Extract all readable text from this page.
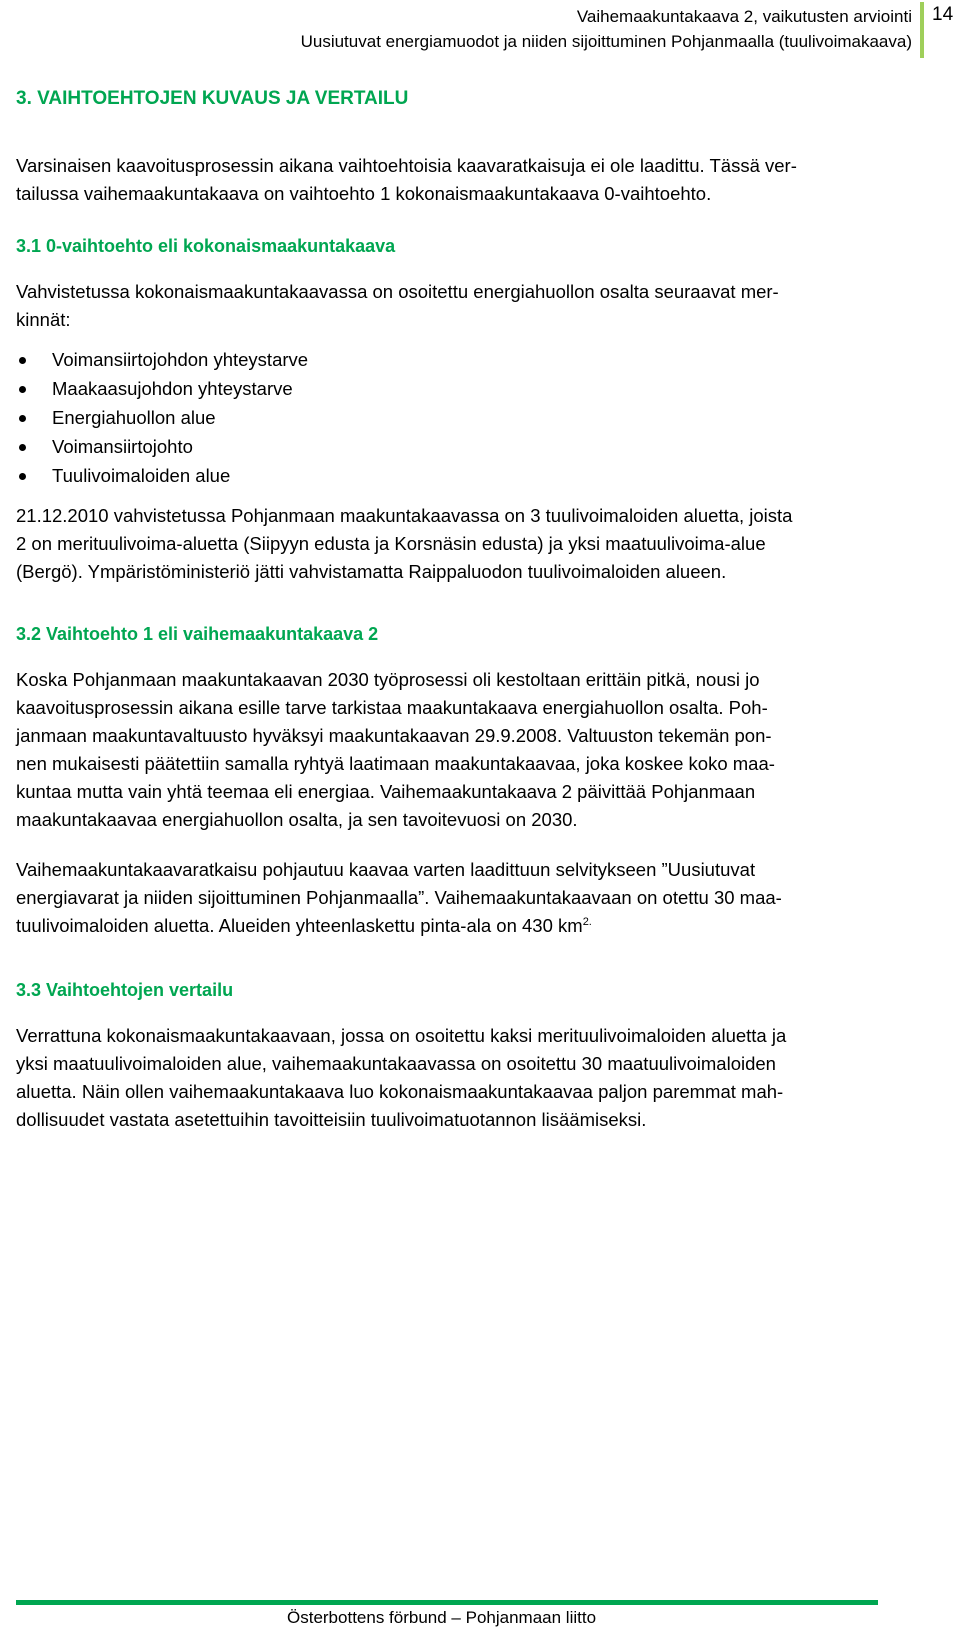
Vaihemaakuntakaava 2, vaikutusten arviointi
Uusiutuvat energiamuodot ja niiden sijoittuminen Pohjanmaalla (tuulivoimakaava)
14
3. VAIHTOEHTOJEN KUVAUS JA VERTAILU
Varsinaisen kaavoitusprosessin aikana vaihtoehtoisia kaavaratkaisuja ei ole laadittu. Tässä ver-
tailussa vaihemaakuntakaava on vaihtoehto 1 kokonaismaakuntakaava 0-vaihtoehto.
3.1 0-vaihtoehto eli kokonaismaakuntakaava
Vahvistetussa kokonaismaakuntakaavassa on osoitettu energiahuollon osalta seuraavat mer-
kinnät:
Voimansiirtojohdon yhteystarve
Maakaasujohdon yhteystarve
Energiahuollon alue
Voimansiirtojohto
Tuulivoimaloiden alue
21.12.2010 vahvistetussa Pohjanmaan maakuntakaavassa on 3 tuulivoimaloiden aluetta, joista
2 on merituulivoima-aluetta (Siipyyn edusta ja Korsnäsin edusta) ja yksi maatuulivoima-alue
(Bergö). Ympäristöministeriö jätti vahvistamatta Raippaluodon tuulivoimaloiden alueen.
3.2 Vaihtoehto 1 eli vaihemaakuntakaava 2
Koska Pohjanmaan maakuntakaavan 2030 työprosessi oli kestoltaan erittäin pitkä, nousi jo
kaavoitusprosessin aikana esille tarve tarkistaa maakuntakaava energiahuollon osalta. Poh-
janmaan maakuntavaltuusto hyväksyi maakuntakaavan 29.9.2008. Valtuuston tekemän pon-
nen mukaisesti päätettiin samalla ryhtyä laatimaan maakuntakaavaa, joka koskee koko maa-
kuntaa mutta vain yhtä teemaa eli energiaa. Vaihemaakuntakaava 2 päivittää Pohjanmaan
maakuntakaavaa energiahuollon osalta, ja sen tavoitevuosi on 2030.
Vaihemaakuntakaavaratkaisu pohjautuu kaavaa varten laadittuun selvitykseen ”Uusiutuvat
energiavarat ja niiden sijoittuminen Pohjanmaalla”. Vaihemaakuntakaavaan on otettu 30 maa-
tuulivoimaloiden aluetta. Alueiden yhteenlaskettu pinta-ala on 430 $km^{2.}$
3.3 Vaihtoehtojen vertailu
Verrattuna kokonaismaakuntakaavaan, jossa on osoitettu kaksi merituulivoimaloiden aluetta ja
yksi maatuulivoimaloiden alue, vaihemaakuntakaavassa on osoitettu 30 maatuulivoimaloiden
aluetta. Näin ollen vaihemaakuntakaava luo kokonaismaakuntakaavaa paljon paremmat mah-
dollisuudet vastata asetettuihin tavoitteisiin tuulivoimatuotannon lisäämiseksi.
Österbottens förbund – Pohjanmaan liitto
